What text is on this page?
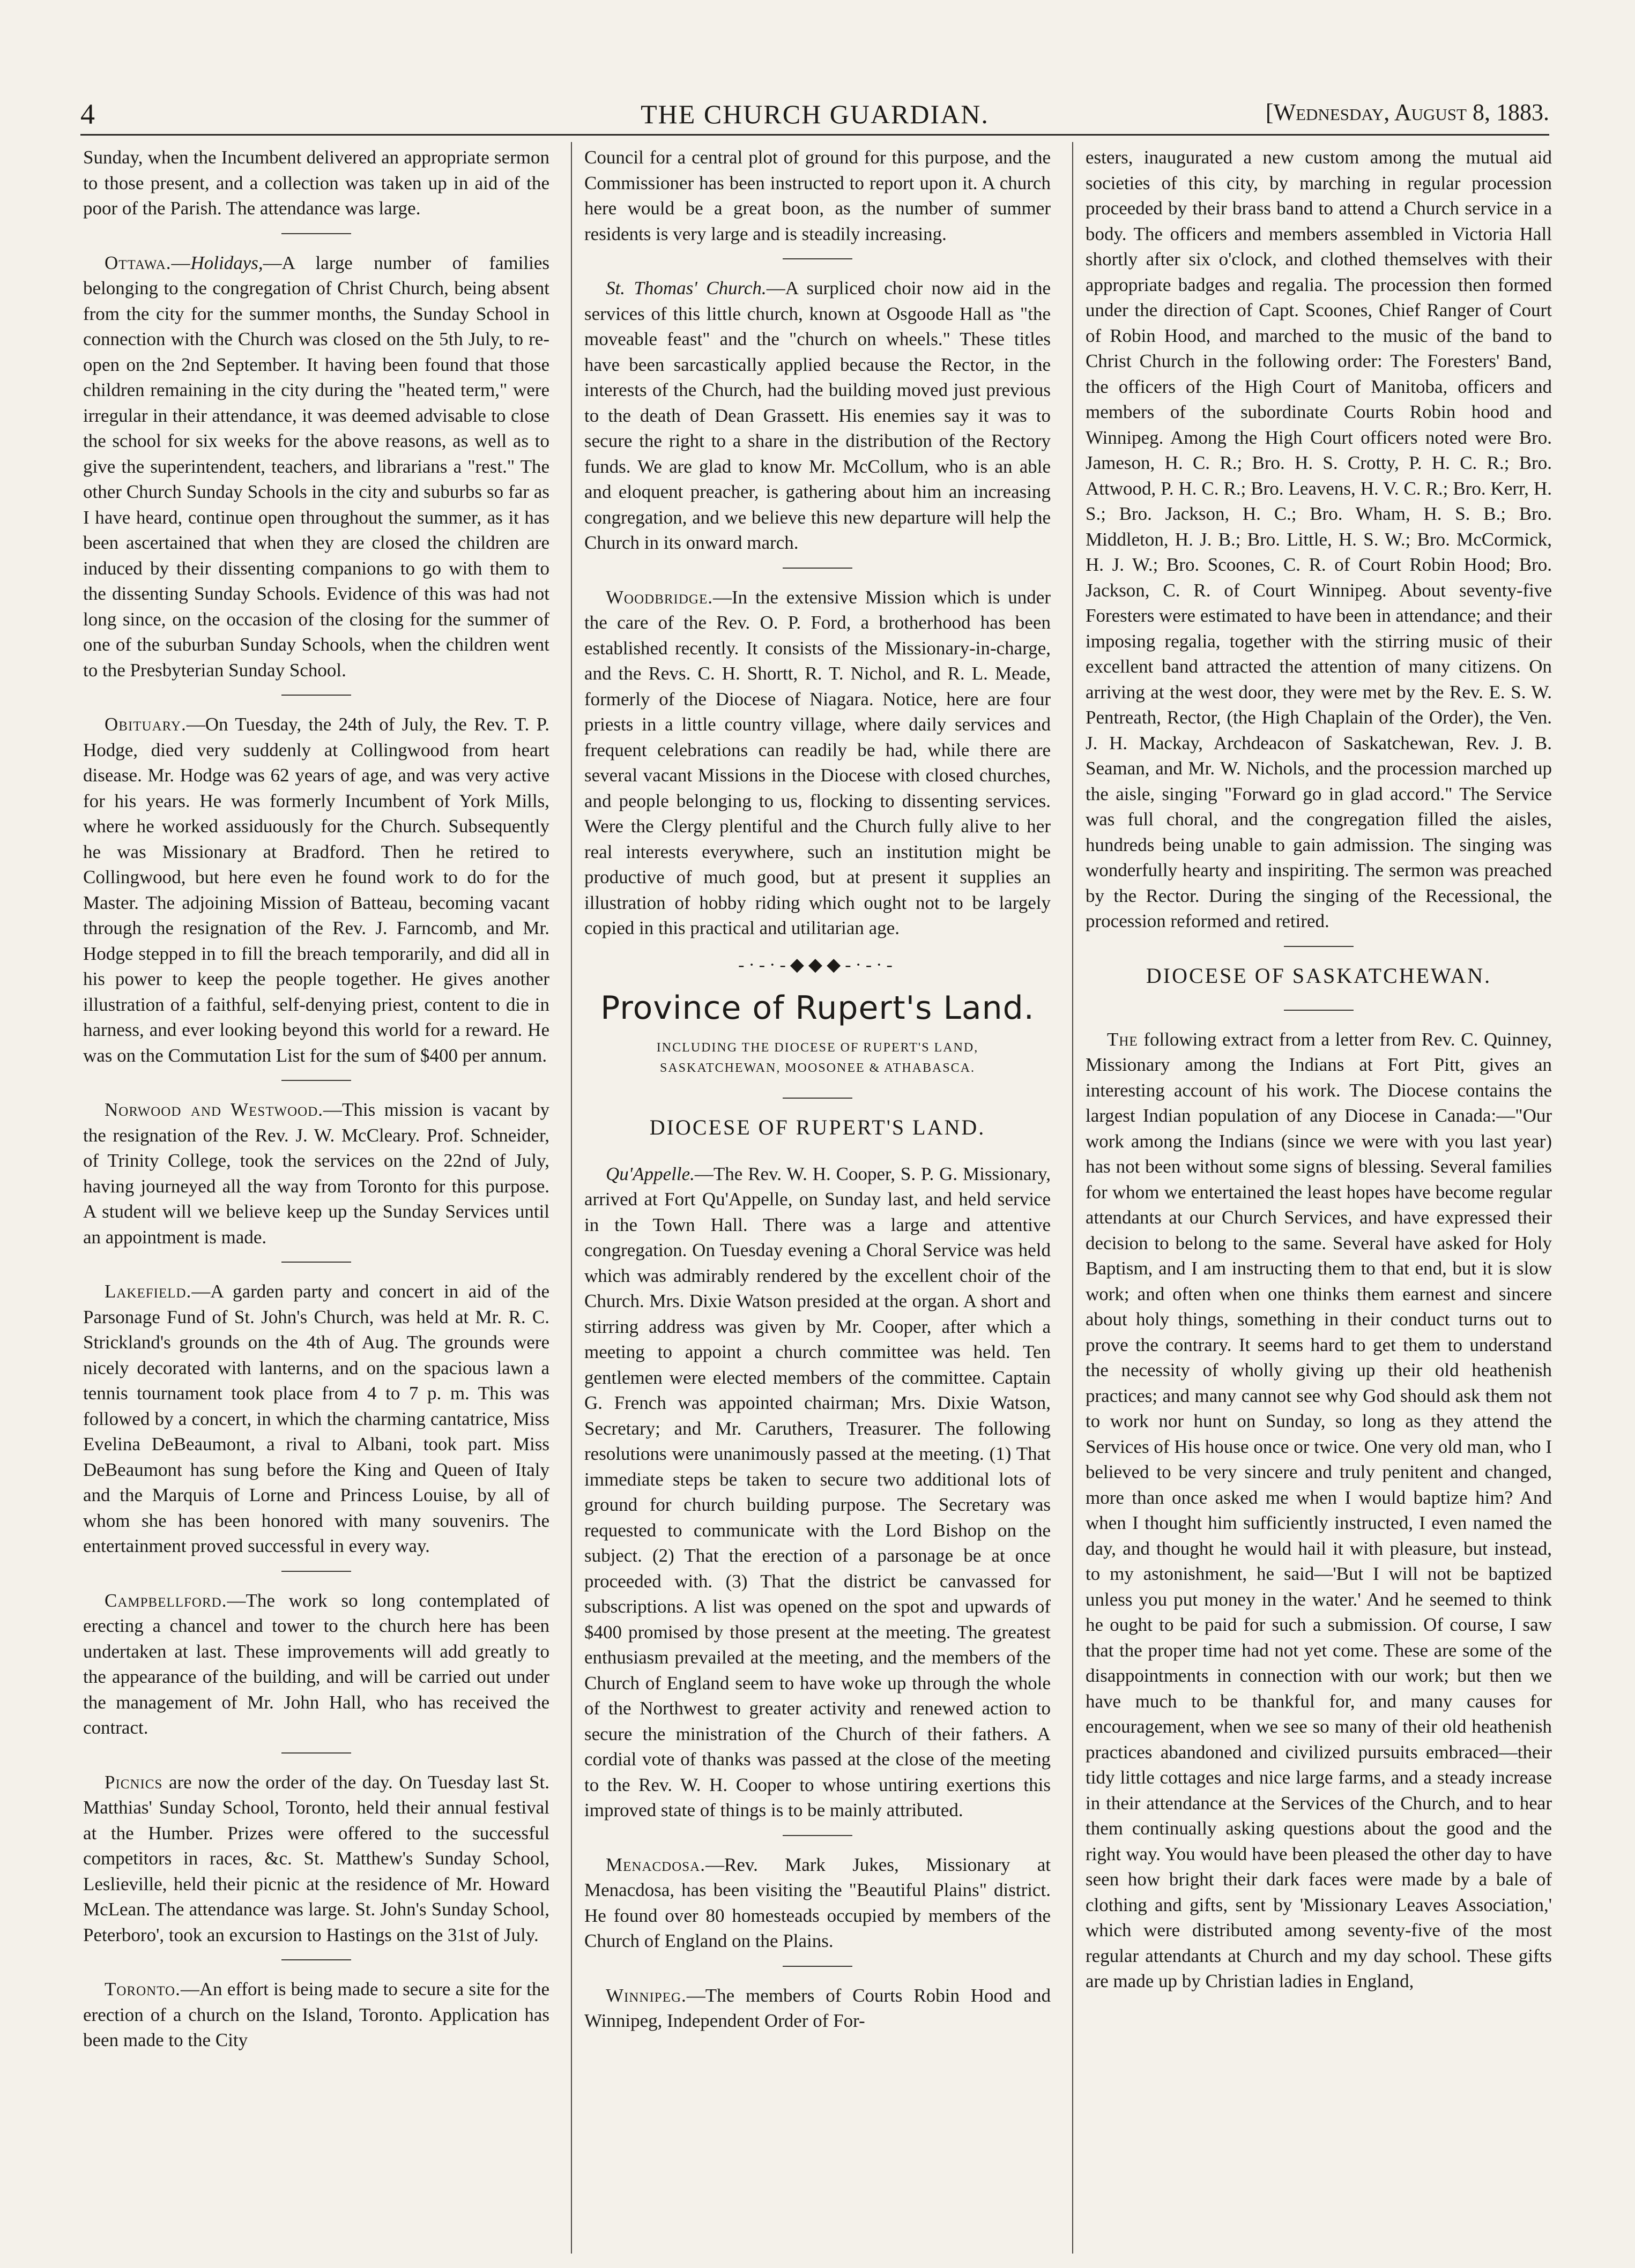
4	THE CHURCH GUARDIAN.	[Wednesday, August 8, 1883.

Sunday, when the Incumbent delivered an appropriate sermon to those present, and a collection was taken up in aid of the poor of the Parish. The attendance was large.

Ottawa.—Holidays,—A large number of families belonging to the congregation of Christ Church, being absent from the city for the summer months, the Sunday School in connection with the Church was closed on the 5th July, to re-open on the 2nd September. It having been found that those children remaining in the city during the "heated term," were irregular in their attendance, it was deemed advisable to close the school for six weeks for the above reasons, as well as to give the superintendent, teachers, and librarians a "rest." The other Church Sunday Schools in the city and suburbs so far as I have heard, continue open throughout the summer, as it has been ascertained that when they are closed the children are induced by their dissenting companions to go with them to the dissenting Sunday Schools. Evidence of this was had not long since, on the occasion of the closing for the summer of one of the suburban Sunday Schools, when the children went to the Presbyterian Sunday School.

Obituary.—On Tuesday, the 24th of July, the Rev. T. P. Hodge, died very suddenly at Collingwood from heart disease. Mr. Hodge was 62 years of age, and was very active for his years. He was formerly Incumbent of York Mills, where he worked assiduously for the Church. Subsequently he was Missionary at Bradford. Then he retired to Collingwood, but here even he found work to do for the Master. The adjoining Mission of Batteau, becoming vacant through the resignation of the Rev. J. Farncomb, and Mr. Hodge stepped in to fill the breach temporarily, and did all in his power to keep the people together. He gives another illustration of a faithful, self-denying priest, content to die in harness, and ever looking beyond this world for a reward. He was on the Commutation List for the sum of $400 per annum.

Norwood and Westwood.—This mission is vacant by the resignation of the Rev. J. W. McCleary. Prof. Schneider, of Trinity College, took the services on the 22nd of July, having journeyed all the way from Toronto for this purpose. A student will we believe keep up the Sunday Services until an appointment is made.

Lakefield.—A garden party and concert in aid of the Parsonage Fund of St. John's Church, was held at Mr. R. C. Strickland's grounds on the 4th of Aug. The grounds were nicely decorated with lanterns, and on the spacious lawn a tennis tournament took place from 4 to 7 p. m. This was followed by a concert, in which the charming cantatrice, Miss Evelina DeBeaumont, a rival to Albani, took part. Miss DeBeaumont has sung before the King and Queen of Italy and the Marquis of Lorne and Princess Louise, by all of whom she has been honored with many souvenirs. The entertainment proved successful in every way.

Campbellford.—The work so long contemplated of erecting a chancel and tower to the church here has been undertaken at last. These improvements will add greatly to the appearance of the building, and will be carried out under the management of Mr. John Hall, who has received the contract.

Picnics are now the order of the day. On Tuesday last St. Matthias' Sunday School, Toronto, held their annual festival at the Humber. Prizes were offered to the successful competitors in races, &c. St. Matthew's Sunday School, Leslieville, held their picnic at the residence of Mr. Howard McLean. The attendance was large. St. John's Sunday School, Peterboro', took an excursion to Hastings on the 31st of July.

Toronto.—An effort is being made to secure a site for the erection of a church on the Island, Toronto. Application has been made to the City

Council for a central plot of ground for this purpose, and the Commissioner has been instructed to report upon it. A church here would be a great boon, as the number of summer residents is very large and is steadily increasing.

St. Thomas' Church.—A surpliced choir now aid in the services of this little church, known at Osgoode Hall as "the moveable feast" and the "church on wheels." These titles have been sarcastically applied because the Rector, in the interests of the Church, had the building moved just previous to the death of Dean Grassett. His enemies say it was to secure the right to a share in the distribution of the Rectory funds. We are glad to know Mr. McCollum, who is an able and eloquent preacher, is gathering about him an increasing congregation, and we believe this new departure will help the Church in its onward march.

Woodbridge.—In the extensive Mission which is under the care of the Rev. O. P. Ford, a brotherhood has been established recently. It consists of the Missionary-in-charge, and the Revs. C. H. Shortt, R. T. Nichol, and R. L. Meade, formerly of the Diocese of Niagara. Notice, here are four priests in a little country village, where daily services and frequent celebrations can readily be had, while there are several vacant Missions in the Diocese with closed churches, and people belonging to us, flocking to dissenting services. Were the Clergy plentiful and the Church fully alive to her real interests everywhere, such an institution might be productive of much good, but at present it supplies an illustration of hobby riding which ought not to be largely copied in this practical and utilitarian age.

-·-·-◆◆◆-·-·-
Province of Rupert's Land.
INCLUDING THE DIOCESE OF RUPERT'S LAND,
SASKATCHEWAN, MOOSONEE & ATHABASCA.
DIOCESE OF RUPERT'S LAND.

Qu'Appelle.—The Rev. W. H. Cooper, S. P. G. Missionary, arrived at Fort Qu'Appelle, on Sunday last, and held service in the Town Hall. There was a large and attentive congregation. On Tuesday evening a Choral Service was held which was admirably rendered by the excellent choir of the Church. Mrs. Dixie Watson presided at the organ. A short and stirring address was given by Mr. Cooper, after which a meeting to appoint a church committee was held. Ten gentlemen were elected members of the committee. Captain G. French was appointed chairman; Mrs. Dixie Watson, Secretary; and Mr. Caruthers, Treasurer. The following resolutions were unanimously passed at the meeting. (1) That immediate steps be taken to secure two additional lots of ground for church building purpose. The Secretary was requested to communicate with the Lord Bishop on the subject. (2) That the erection of a parsonage be at once proceeded with. (3) That the district be canvassed for subscriptions. A list was opened on the spot and upwards of $400 promised by those present at the meeting. The greatest enthusiasm prevailed at the meeting, and the members of the Church of England seem to have woke up through the whole of the Northwest to greater activity and renewed action to secure the ministration of the Church of their fathers. A cordial vote of thanks was passed at the close of the meeting to the Rev. W. H. Cooper to whose untiring exertions this improved state of things is to be mainly attributed.

Menacdosa.—Rev. Mark Jukes, Missionary at Menacdosa, has been visiting the "Beautiful Plains" district. He found over 80 homesteads occupied by members of the Church of England on the Plains.

Winnipeg.—The members of Courts Robin Hood and Winnipeg, Independent Order of For-

esters, inaugurated a new custom among the mutual aid societies of this city, by marching in regular procession proceeded by their brass band to attend a Church service in a body. The officers and members assembled in Victoria Hall shortly after six o'clock, and clothed themselves with their appropriate badges and regalia. The procession then formed under the direction of Capt. Scoones, Chief Ranger of Court of Robin Hood, and marched to the music of the band to Christ Church in the following order: The Foresters' Band, the officers of the High Court of Manitoba, officers and members of the subordinate Courts Robin hood and Winnipeg. Among the High Court officers noted were Bro. Jameson, H. C. R.; Bro. H. S. Crotty, P. H. C. R.; Bro. Attwood, P. H. C. R.; Bro. Leavens, H. V. C. R.; Bro. Kerr, H. S.; Bro. Jackson, H. C.; Bro. Wham, H. S. B.; Bro. Middleton, H. J. B.; Bro. Little, H. S. W.; Bro. McCormick, H. J. W.; Bro. Scoones, C. R. of Court Robin Hood; Bro. Jackson, C. R. of Court Winnipeg. About seventy-five Foresters were estimated to have been in attendance; and their imposing regalia, together with the stirring music of their excellent band attracted the attention of many citizens. On arriving at the west door, they were met by the Rev. E. S. W. Pentreath, Rector, (the High Chaplain of the Order), the Ven. J. H. Mackay, Archdeacon of Saskatchewan, Rev. J. B. Seaman, and Mr. W. Nichols, and the procession marched up the aisle, singing "Forward go in glad accord." The Service was full choral, and the congregation filled the aisles, hundreds being unable to gain admission. The singing was wonderfully hearty and inspiriting. The sermon was preached by the Rector. During the singing of the Recessional, the procession reformed and retired.

DIOCESE OF SASKATCHEWAN.

The following extract from a letter from Rev. C. Quinney, Missionary among the Indians at Fort Pitt, gives an interesting account of his work. The Diocese contains the largest Indian population of any Diocese in Canada:—"Our work among the Indians (since we were with you last year) has not been without some signs of blessing. Several families for whom we entertained the least hopes have become regular attendants at our Church Services, and have expressed their decision to belong to the same. Several have asked for Holy Baptism, and I am instructing them to that end, but it is slow work; and often when one thinks them earnest and sincere about holy things, something in their conduct turns out to prove the contrary. It seems hard to get them to understand the necessity of wholly giving up their old heathenish practices; and many cannot see why God should ask them not to work nor hunt on Sunday, so long as they attend the Services of His house once or twice. One very old man, who I believed to be very sincere and truly penitent and changed, more than once asked me when I would baptize him? And when I thought him sufficiently instructed, I even named the day, and thought he would hail it with pleasure, but instead, to my astonishment, he said—'But I will not be baptized unless you put money in the water.' And he seemed to think he ought to be paid for such a submission. Of course, I saw that the proper time had not yet come. These are some of the disappointments in connection with our work; but then we have much to be thankful for, and many causes for encouragement, when we see so many of their old heathenish practices abandoned and civilized pursuits embraced—their tidy little cottages and nice large farms, and a steady increase in their attendance at the Services of the Church, and to hear them continually asking questions about the good and the right way. You would have been pleased the other day to have seen how bright their dark faces were made by a bale of clothing and gifts, sent by 'Missionary Leaves Association,' which were distributed among seventy-five of the most regular attendants at Church and my day school. These gifts are made up by Christian ladies in England,
